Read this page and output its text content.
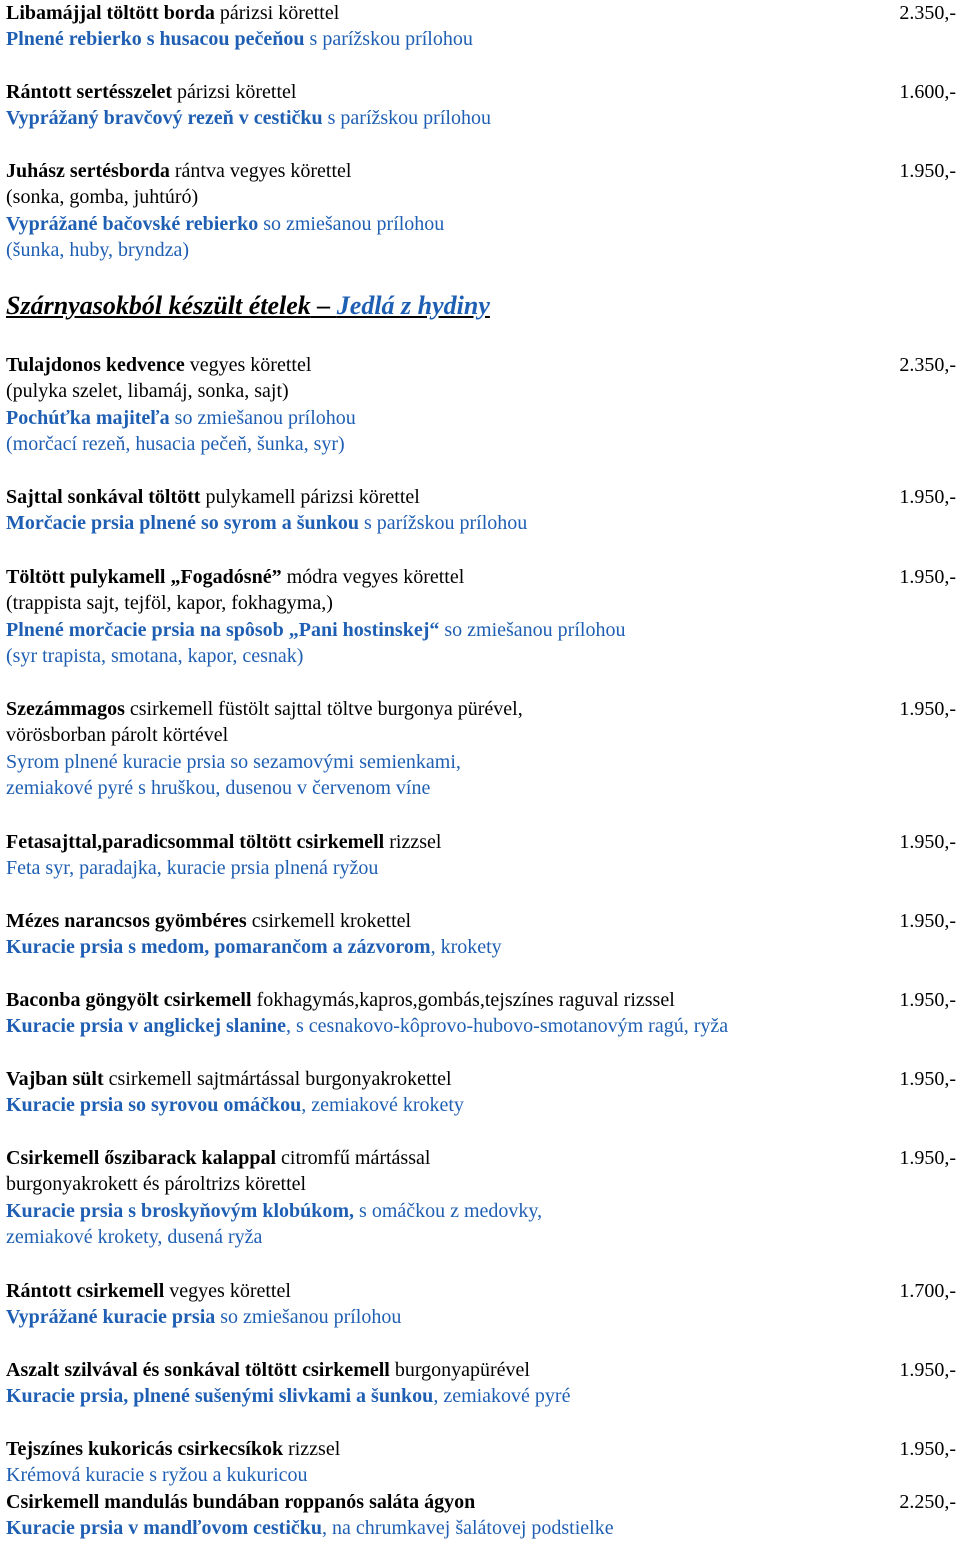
Szárnyasokból készült ételek – Jedlá z hydiny
Libamájjal töltött borda párizsi körettel
Plnené rebierko s husacou pečeňou s parížskou prílohou
2.350,-
Rántott sertésszelet párizsi körettel
Vyprážaný bravčový rezeň v cestičku s parížskou prílohou
1.600,-
Juhász sertésborda rántva vegyes körettel
(sonka, gomba, juhtúró)
Vyprážané bačovské rebierko so zmiešanou prílohou
(šunka, huby, bryndza)
1.950,-
Tulajdonos kedvence vegyes körettel
(pulyka szelet, libamáj, sonka, sajt)
Pochúťka majiteľa so zmiešanou prílohou
(morčací rezeň, husacia pečeň, šunka, syr)
2.350,-
Sajttal sonkával töltött pulykamell párizsi körettel
Morčacie prsia plnené so syrom a šunkou s parížskou prílohou
1.950,-
Töltött pulykamell „Fogadósné” módra vegyes körettel
(trappista sajt, tejföl, kapor, fokhagyma,)
Plnené morčacie prsia na spôsob „Pani hostinskej“ so zmiešanou prílohou
(syr trapista, smotana, kapor, cesnak)
1.950,-
Szezámmagos csirkemell füstölt sajttal töltve burgonya pürével,
vörösborban párolt körtével
Syrom plnené kuracie prsia so sezamovými semienkami,
zemiakové pyré s hruškou, dusenou v červenom víne
1.950,-
Fetasajttal,paradicsommal töltött csirkemell rizzsel
Feta syr, paradajka, kuracie prsia plnená ryžou
1.950,-
Mézes narancsos gyömbéres csirkemell krokettel
Kuracie prsia s medom, pomarančom a zázvorom, krokety
1.950,-
Baconba göngyölt csirkemell fokhagymás,kapros,gombás,tejszínes raguval rizssel
Kuracie prsia v anglickej slanine, s cesnakovo-kôprovo-hubovo-smotanovým ragú, ryža
1.950,-
Vajban sült csirkemell sajtmártással burgonyakrokettel
Kuracie prsia so syrovou omáčkou, zemiakové krokety
1.950,-
Csirkemell őszibarack kalappal citromfű mártással
burgonyakrokett és pároltrizs körettel
Kuracie prsia s broskyňovým klobúkom, s omáčkou z medovky,
zemiakové krokety, dusená ryža
1.950,-
Rántott csirkemell vegyes körettel
Vyprážané kuracie prsia so zmiešanou prílohou
1.700,-
Aszalt szilvával és sonkával töltött csirkemell burgonyapürével
Kuracie prsia, plnené sušenými slivkami a šunkou, zemiakové pyré
1.950,-
Tejszínes kukoricás csirkecsíkok rizzsel
Krémová kuracie s ryžou a kukuricou
1.950,-
Csirkemell mandulás bundában roppanós saláta ágyon
Kuracie prsia v mandľovom cestičku, na chrumkavej šalátovej podstielke
2.250,-
